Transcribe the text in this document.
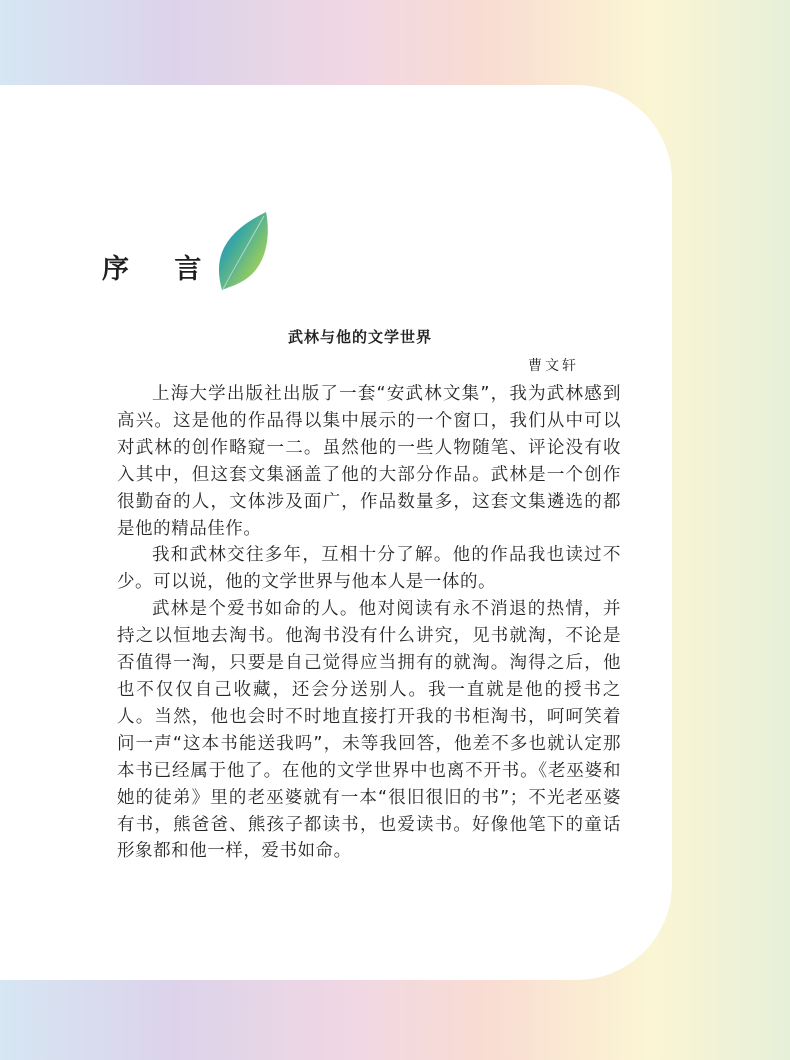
序 言
武林与他的文学世界
曹文轩

上海大学出版社出版了一套“安武林文集”，我为武林感到高兴。这是他的作品得以集中展示的一个窗口，我们从中可以对武林的创作略窥一二。虽然他的一些人物随笔、评论没有收入其中，但这套文集涵盖了他的大部分作品。武林是一个创作很勤奋的人，文体涉及面广，作品数量多，这套文集遴选的都是他的精品佳作。

我和武林交往多年，互相十分了解。他的作品我也读过不少。可以说，他的文学世界与他本人是一体的。

武林是个爱书如命的人。他对阅读有永不消退的热情，并持之以恒地去淘书。他淘书没有什么讲究，见书就淘，不论是否值得一淘，只要是自己觉得应当拥有的就淘。淘得之后，他也不仅仅自己收藏，还会分送别人。我一直就是他的授书之人。当然，他也会时不时地直接打开我的书柜淘书，呵呵笑着问一声“这本书能送我吗”，未等我回答，他差不多也就认定那本书已经属于他了。在他的文学世界中也离不开书。《老巫婆和她的徒弟》里的老巫婆就有一本“很旧很旧的书”；不光老巫婆有书，熊爸爸、熊孩子都读书，也爱读书。好像他笔下的童话形象都和他一样，爱书如命。
